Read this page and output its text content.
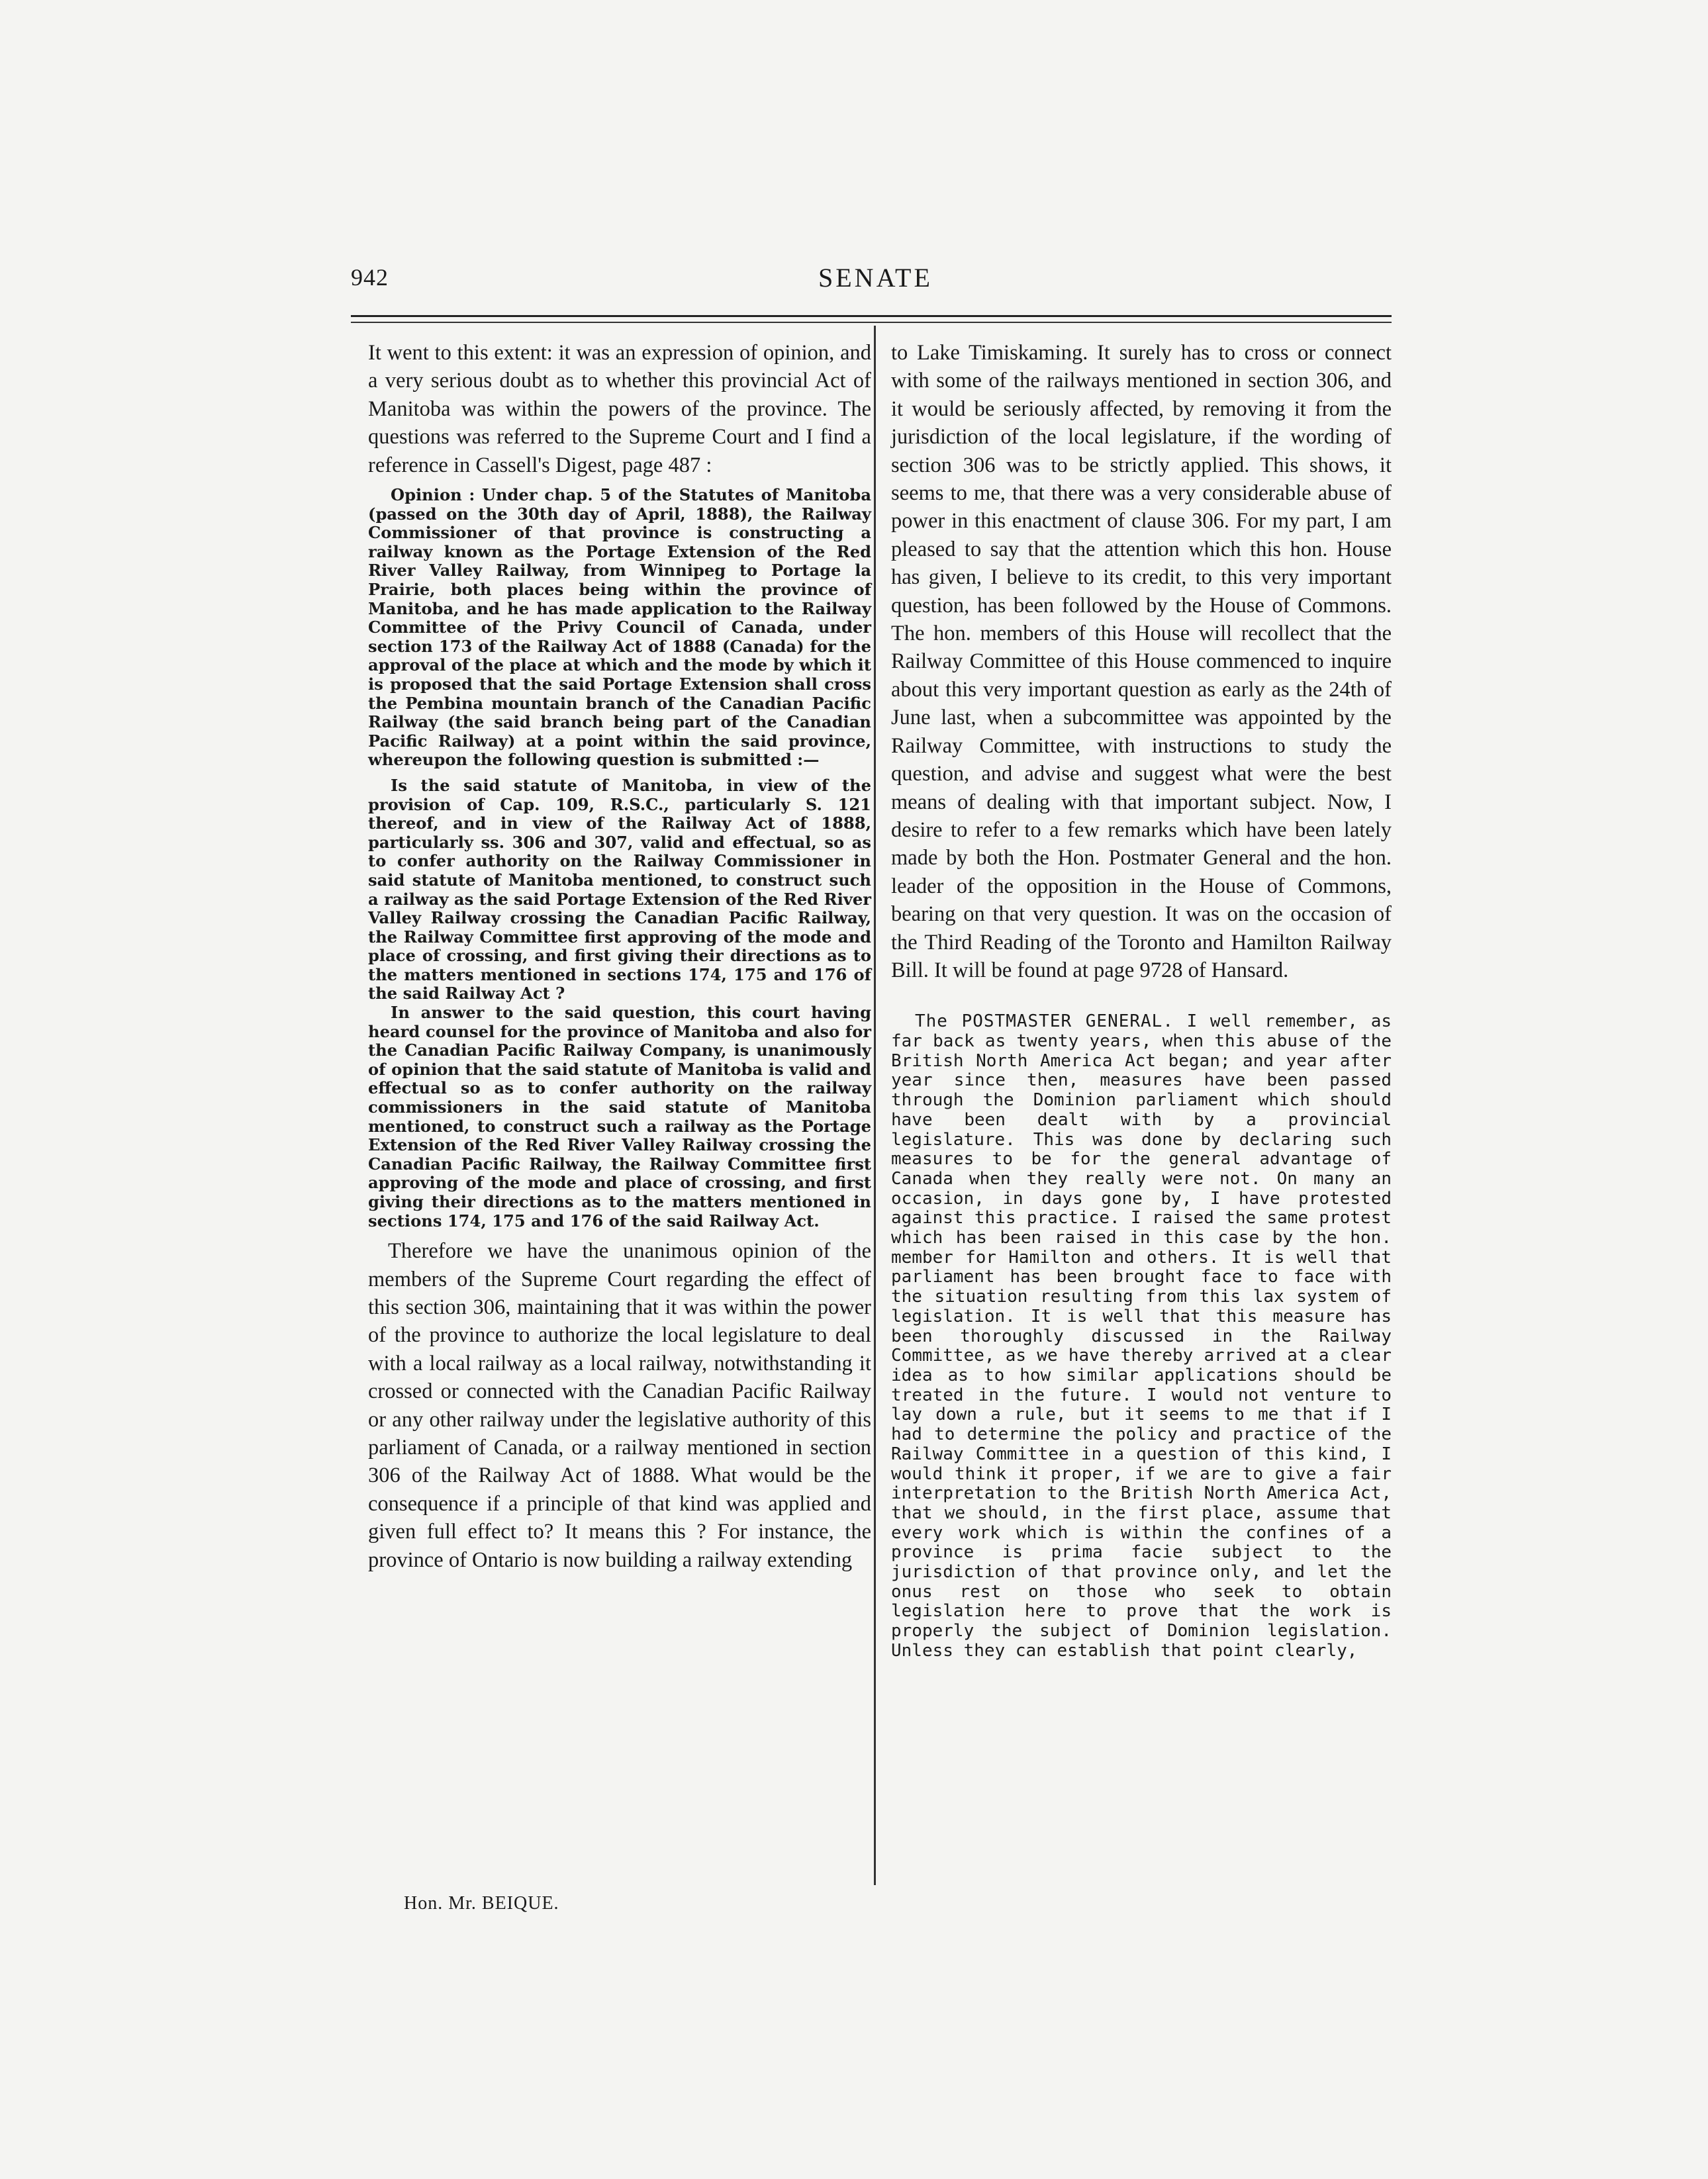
942	SENATE

It went to this extent: it was an expression of opinion, and a very serious doubt as to whether this provincial Act of Manitoba was within the powers of the province. The questions was referred to the Supreme Court and I find a reference in Cassell's Digest, page 487 :

Opinion : Under chap. 5 of the Statutes of Manitoba (passed on the 30th day of April, 1888), the Railway Commissioner of that province is constructing a railway known as the Portage Extension of the Red River Valley Railway, from Winnipeg to Portage la Prairie, both places being within the province of Manitoba, and he has made application to the Railway Committee of the Privy Council of Canada, under section 173 of the Railway Act of 1888 (Canada) for the approval of the place at which and the mode by which it is proposed that the said Portage Extension shall cross the Pembina mountain branch of the Canadian Pacific Railway (the said branch being part of the Canadian Pacific Railway) at a point within the said province, whereupon the following question is submitted :—

Is the said statute of Manitoba, in view of the provision of Cap. 109, R.S.C., particularly S. 121 thereof, and in view of the Railway Act of 1888, particularly ss. 306 and 307, valid and effectual, so as to confer authority on the Railway Commissioner in said statute of Manitoba mentioned, to construct such a railway as the said Portage Extension of the Red River Valley Railway crossing the Canadian Pacific Railway, the Railway Committee first approving of the mode and place of crossing, and first giving their directions as to the matters mentioned in sections 174, 175 and 176 of the said Railway Act ?

In answer to the said question, this court having heard counsel for the province of Manitoba and also for the Canadian Pacific Railway Company, is unanimously of opinion that the said statute of Manitoba is valid and effectual so as to confer authority on the railway commissioners in the said statute of Manitoba mentioned, to construct such a railway as the Portage Extension of the Red River Valley Railway crossing the Canadian Pacific Railway, the Railway Committee first approving of the mode and place of crossing, and first giving their directions as to the matters mentioned in sections 174, 175 and 176 of the said Railway Act.

Therefore we have the unanimous opinion of the members of the Supreme Court regarding the effect of this section 306, maintaining that it was within the power of the province to authorize the local legislature to deal with a local railway as a local railway, notwithstanding it crossed or connected with the Canadian Pacific Railway or any other railway under the legislative authority of this parliament of Canada, or a railway mentioned in section 306 of the Railway Act of 1888. What would be the consequence if a principle of that kind was applied and given full effect to? It means this ? For instance, the province of Ontario is now building a railway extending

to Lake Timiskaming. It surely has to cross or connect with some of the railways mentioned in section 306, and it would be seriously affected, by removing it from the jurisdiction of the local legislature, if the wording of section 306 was to be strictly applied. This shows, it seems to me, that there was a very considerable abuse of power in this enactment of clause 306. For my part, I am pleased to say that the attention which this hon. House has given, I believe to its credit, to this very important question, has been followed by the House of Commons. The hon. members of this House will recollect that the Railway Committee of this House commenced to inquire about this very important question as early as the 24th of June last, when a subcommittee was appointed by the Railway Committee, with instructions to study the question, and advise and suggest what were the best means of dealing with that important subject. Now, I desire to refer to a few remarks which have been lately made by both the Hon. Postmater General and the hon. leader of the opposition in the House of Commons, bearing on that very question. It was on the occasion of the Third Reading of the Toronto and Hamilton Railway Bill. It will be found at page 9728 of Hansard.

The POSTMASTER GENERAL. I well remember, as far back as twenty years, when this abuse of the British North America Act began; and year after year since then, measures have been passed through the Dominion parliament which should have been dealt with by a provincial legislature. This was done by declaring such measures to be for the general advantage of Canada when they really were not. On many an occasion, in days gone by, I have protested against this practice. I raised the same protest which has been raised in this case by the hon. member for Hamilton and others. It is well that parliament has been brought face to face with the situation resulting from this lax system of legislation. It is well that this measure has been thoroughly discussed in the Railway Committee, as we have thereby arrived at a clear idea as to how similar applications should be treated in the future. I would not venture to lay down a rule, but it seems to me that if I had to determine the policy and practice of the Railway Committee in a question of this kind, I would think it proper, if we are to give a fair interpretation to the British North America Act, that we should, in the first place, assume that every work which is within the confines of a province is prima facie subject to the jurisdiction of that province only, and let the onus rest on those who seek to obtain legislation here to prove that the work is properly the subject of Dominion legislation. Unless they can establish that point clearly,

Hon. Mr. BEIQUE.
